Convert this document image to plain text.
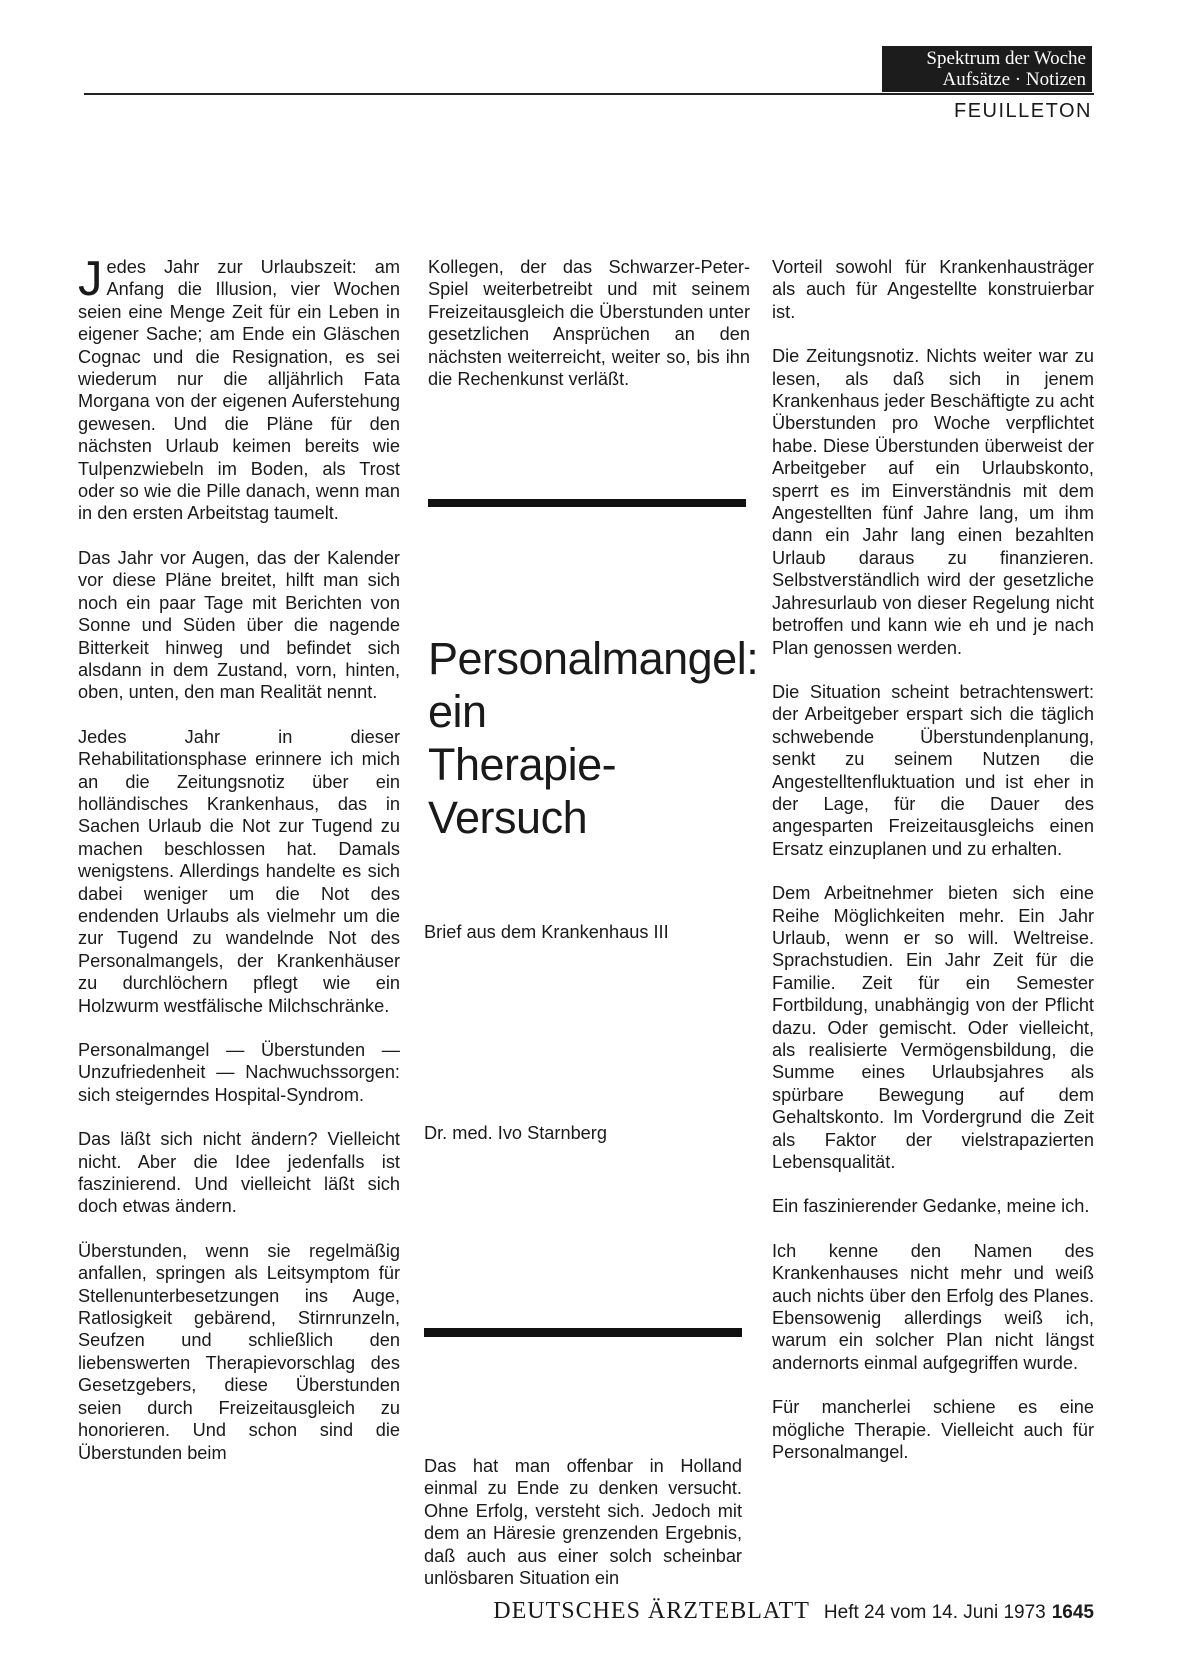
Spektrum der Woche
Aufsätze · Notizen
FEUILLETON

Jedes Jahr zur Urlaubszeit: am Anfang die Illusion, vier Wochen seien eine Menge Zeit für ein Leben in eigener Sache; am Ende ein Gläschen Cognac und die Resignation, es sei wiederum nur die alljährlich Fata Morgana von der eigenen Auferstehung gewesen. Und die Pläne für den nächsten Urlaub keimen bereits wie Tulpenzwiebeln im Boden, als Trost oder so wie die Pille danach, wenn man in den ersten Arbeitstag taumelt.

Das Jahr vor Augen, das der Kalender vor diese Pläne breitet, hilft man sich noch ein paar Tage mit Berichten von Sonne und Süden über die nagende Bitterkeit hinweg und befindet sich alsdann in dem Zustand, vorn, hinten, oben, unten, den man Realität nennt.

Jedes Jahr in dieser Rehabilitationsphase erinnere ich mich an die Zeitungsnotiz über ein holländisches Krankenhaus, das in Sachen Urlaub die Not zur Tugend zu machen beschlossen hat. Damals wenigstens. Allerdings handelte es sich dabei weniger um die Not des endenden Urlaubs als vielmehr um die zur Tugend zu wandelnde Not des Personalmangels, der Krankenhäuser zu durchlöchern pflegt wie ein Holzwurm westfälische Milchschränke.

Personalmangel — Überstunden — Unzufriedenheit — Nachwuchssorgen: sich steigerndes Hospital-Syndrom.

Das läßt sich nicht ändern? Vielleicht nicht. Aber die Idee jedenfalls ist faszinierend. Und vielleicht läßt sich doch etwas ändern.

Überstunden, wenn sie regelmäßig anfallen, springen als Leitsymptom für Stellenunterbesetzungen ins Auge, Ratlosigkeit gebärend, Stirnrunzeln, Seufzen und schließlich den liebenswerten Therapievorschlag des Gesetzgebers, diese Überstunden seien durch Freizeitausgleich zu honorieren. Und schon sind die Überstunden beim

Kollegen, der das Schwarzer-Peter-Spiel weiterbetreibt und mit seinem Freizeitausgleich die Überstunden unter gesetzlichen Ansprüchen an den nächsten weiterreicht, weiter so, bis ihn die Rechenkunst verläßt.

Personalmangel:
ein
Therapie-
Versuch
Brief aus dem Krankenhaus III
Dr. med. Ivo Starnberg

Das hat man offenbar in Holland einmal zu Ende zu denken versucht. Ohne Erfolg, versteht sich. Jedoch mit dem an Häresie grenzenden Ergebnis, daß auch aus einer solch scheinbar unlösbaren Situation ein

Vorteil sowohl für Krankenhausträger als auch für Angestellte konstruierbar ist.

Die Zeitungsnotiz. Nichts weiter war zu lesen, als daß sich in jenem Krankenhaus jeder Beschäftigte zu acht Überstunden pro Woche verpflichtet habe. Diese Überstunden überweist der Arbeitgeber auf ein Urlaubskonto, sperrt es im Einverständnis mit dem Angestellten fünf Jahre lang, um ihm dann ein Jahr lang einen bezahlten Urlaub daraus zu finanzieren. Selbstverständlich wird der gesetzliche Jahresurlaub von dieser Regelung nicht betroffen und kann wie eh und je nach Plan genossen werden.

Die Situation scheint betrachtenswert: der Arbeitgeber erspart sich die täglich schwebende Überstundenplanung, senkt zu seinem Nutzen die Angestelltenfluktuation und ist eher in der Lage, für die Dauer des angesparten Freizeitausgleichs einen Ersatz einzuplanen und zu erhalten.

Dem Arbeitnehmer bieten sich eine Reihe Möglichkeiten mehr. Ein Jahr Urlaub, wenn er so will. Weltreise. Sprachstudien. Ein Jahr Zeit für die Familie. Zeit für ein Semester Fortbildung, unabhängig von der Pflicht dazu. Oder gemischt. Oder vielleicht, als realisierte Vermögensbildung, die Summe eines Urlaubsjahres als spürbare Bewegung auf dem Gehaltskonto. Im Vordergrund die Zeit als Faktor der vielstrapazierten Lebensqualität.

Ein faszinierender Gedanke, meine ich.

Ich kenne den Namen des Krankenhauses nicht mehr und weiß auch nichts über den Erfolg des Planes. Ebensowenig allerdings weiß ich, warum ein solcher Plan nicht längst andernorts einmal aufgegriffen wurde.

Für mancherlei schiene es eine mögliche Therapie. Vielleicht auch für Personalmangel.

DEUTSCHES ÄRZTEBLATT Heft 24 vom 14. Juni 1973 1645
